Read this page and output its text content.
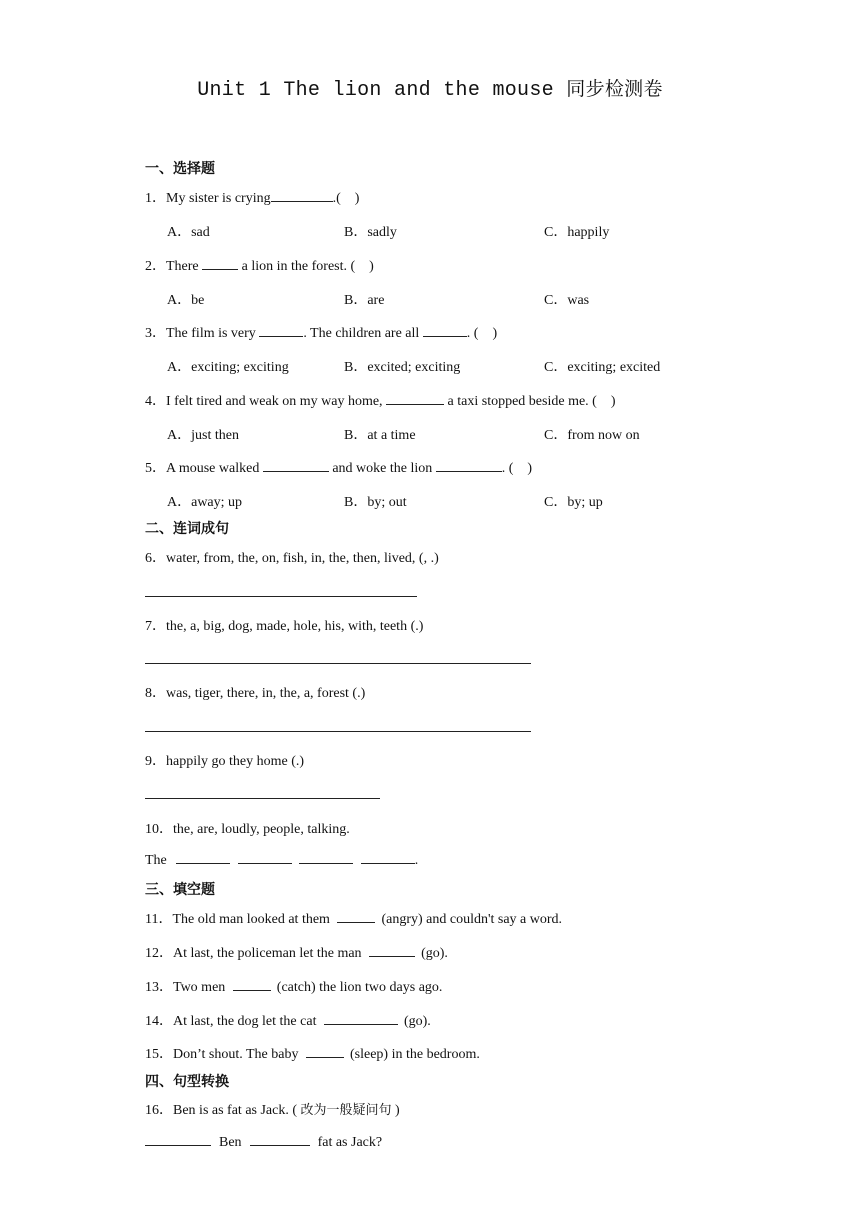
Unit 1 The lion and the mouse 同步检测卷
一、选择题
1．My sister is crying	.(　)
A．sad	B．sadly	C．happily
2．There	a lion in the forest. (　)
A．be	B．are	C．was
3．The film is very	. The children are all	. (　)
A．exciting; exciting	B．excited; exciting	C．exciting; excited
4．I felt tired and weak on my way home,	a taxi stopped beside me. (　)
A．just then	B．at a time	C．from now on
5．A mouse walked	and woke the lion	. (　)
A．away; up	B．by; out	C．by; up
二、连词成句
6．water, from, the, on, fish, in, the, then, lived, (, .)
7．the, a, big, dog, made, hole, his, with, teeth (.)
8．was, tiger, there, in, the, a, forest (.)
9．happily go they home (.)
10．the, are, loudly, people, talking.
The	.
三、填空题
11．The old man looked at them	(angry) and couldn't say a word.
12．At last, the policeman let the man	(go).
13．Two men	(catch) the lion two days ago.
14．At last, the dog let the cat	(go).
15．Don’t shout. The baby	(sleep) in the bedroom.
四、句型转换
16．Ben is as fat as Jack. ( 改为一般疑问句 )
Ben	fat as Jack?
